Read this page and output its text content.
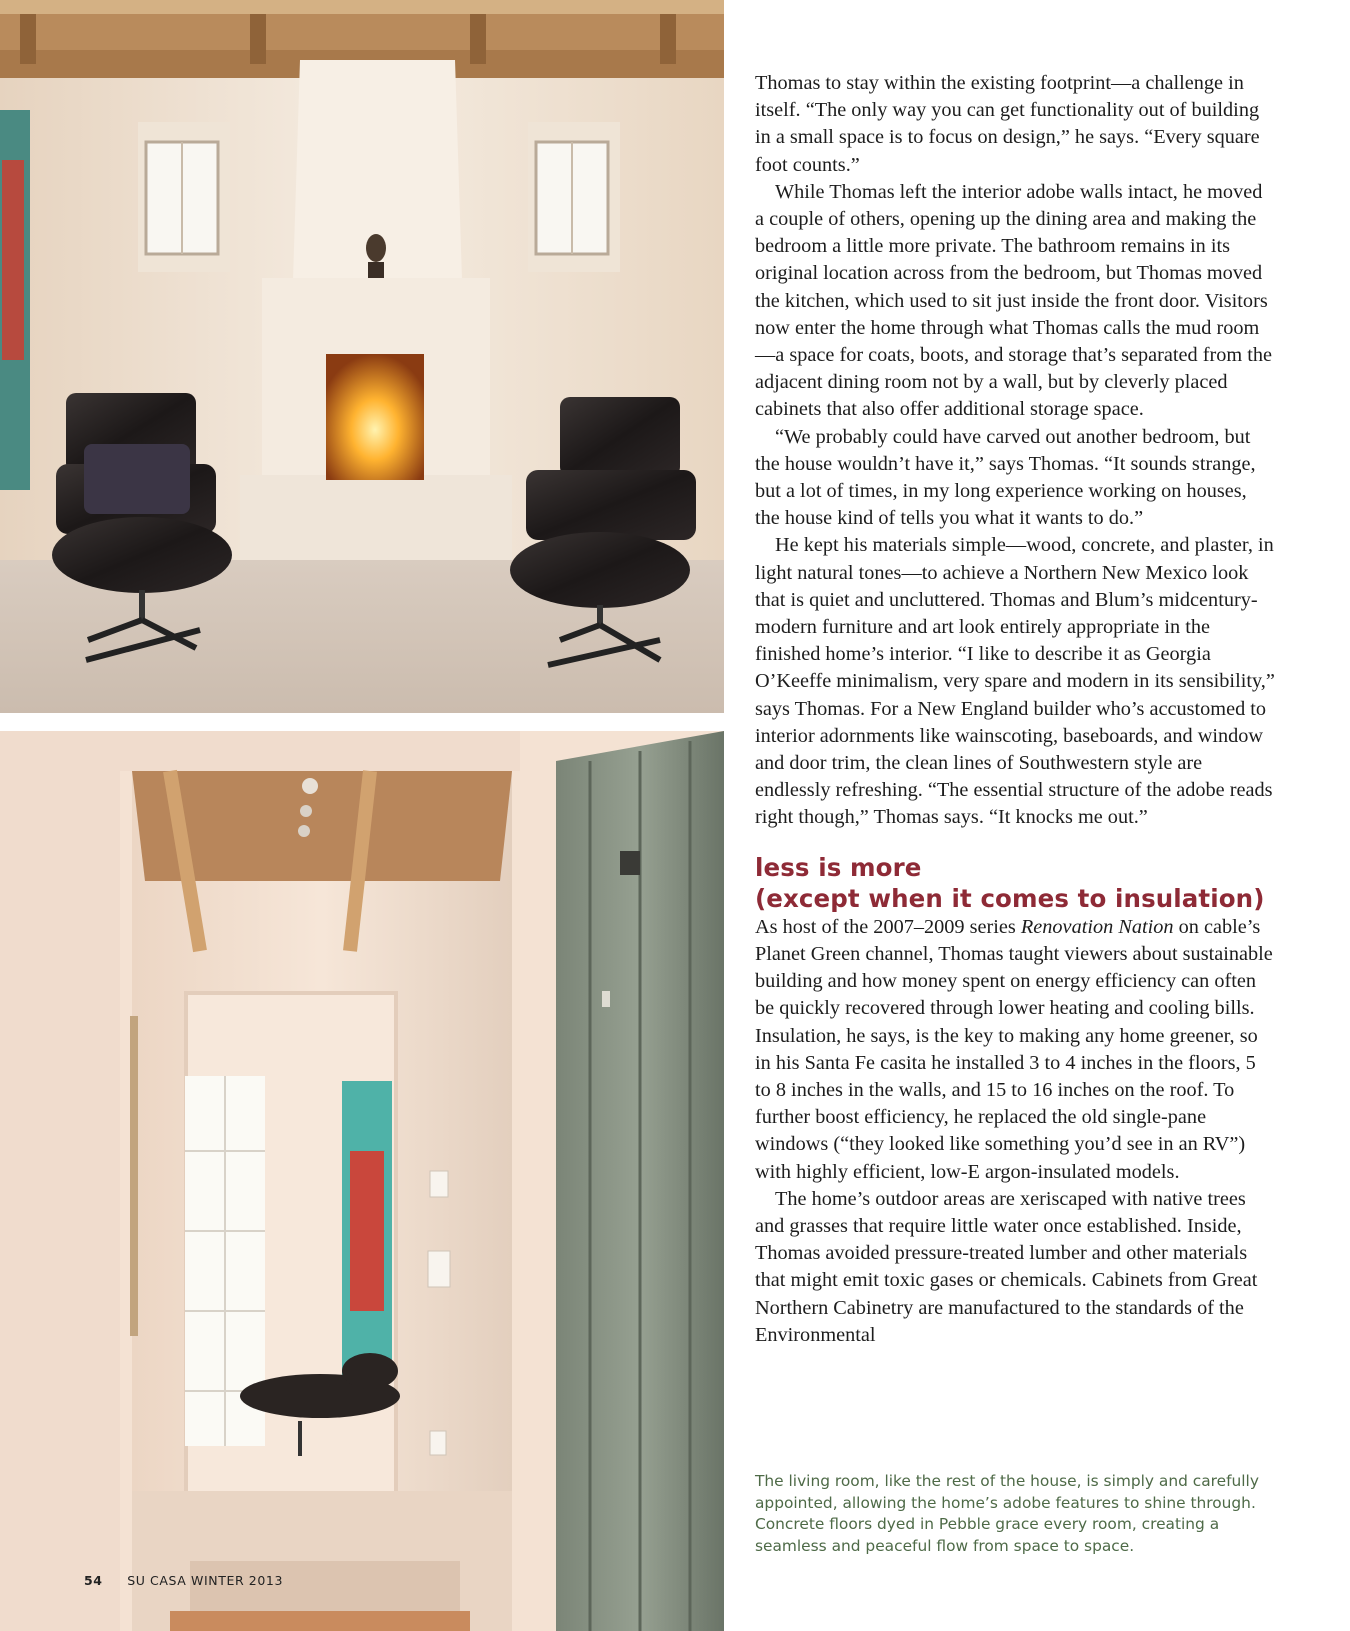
Thomas to stay within the existing footprint—a challenge in itself. “The only way you can get functionality out of building in a small space is to focus on design,” he says. “Every square foot counts.”

While Thomas left the interior adobe walls intact, he moved a couple of others, opening up the dining area and making the bedroom a little more private. The bathroom remains in its original location across from the bedroom, but Thomas moved the kitchen, which used to sit just inside the front door. Visitors now enter the home through what Thomas calls the mud room—a space for coats, boots, and storage that’s separated from the adjacent dining room not by a wall, but by cleverly placed cabinets that also offer additional storage space.

“We probably could have carved out another bedroom, but the house wouldn’t have it,” says Thomas. “It sounds strange, but a lot of times, in my long experience working on houses, the house kind of tells you what it wants to do.”

He kept his materials simple—wood, concrete, and plaster, in light natural tones—to achieve a Northern New Mexico look that is quiet and uncluttered. Thomas and Blum’s midcentury-modern furniture and art look entirely appropriate in the finished home’s interior. “I like to describe it as Georgia O’Keeffe minimalism, very spare and modern in its sensibility,” says Thomas. For a New England builder who’s accustomed to interior adornments like wainscoting, baseboards, and window and door trim, the clean lines of Southwestern style are endlessly refreshing. “The essential structure of the adobe reads right though,” Thomas says. “It knocks me out.”

less is more
(except when it comes to insulation)

As host of the 2007–2009 series Renovation Nation on cable’s Planet Green channel, Thomas taught viewers about sustainable building and how money spent on energy efficiency can often be quickly recovered through lower heating and cooling bills. Insulation, he says, is the key to making any home greener, so in his Santa Fe casita he installed 3 to 4 inches in the floors, 5 to 8 inches in the walls, and 15 to 16 inches on the roof. To further boost efficiency, he replaced the old single-pane windows (“they looked like something you’d see in an RV”) with highly efficient, low-E argon-insulated models.

The home’s outdoor areas are xeriscaped with native trees and grasses that require little water once established. Inside, Thomas avoided pressure-treated lumber and other materials that might emit toxic gases or chemicals. Cabinets from Great Northern Cabinetry are manufactured to the standards of the Environmental

The living room, like the rest of the house, is simply and carefully appointed, allowing the home’s adobe features to shine through. Concrete floors dyed in Pebble grace every room, creating a seamless and peaceful flow from space to space.
54 SU CASA WINTER 2013
